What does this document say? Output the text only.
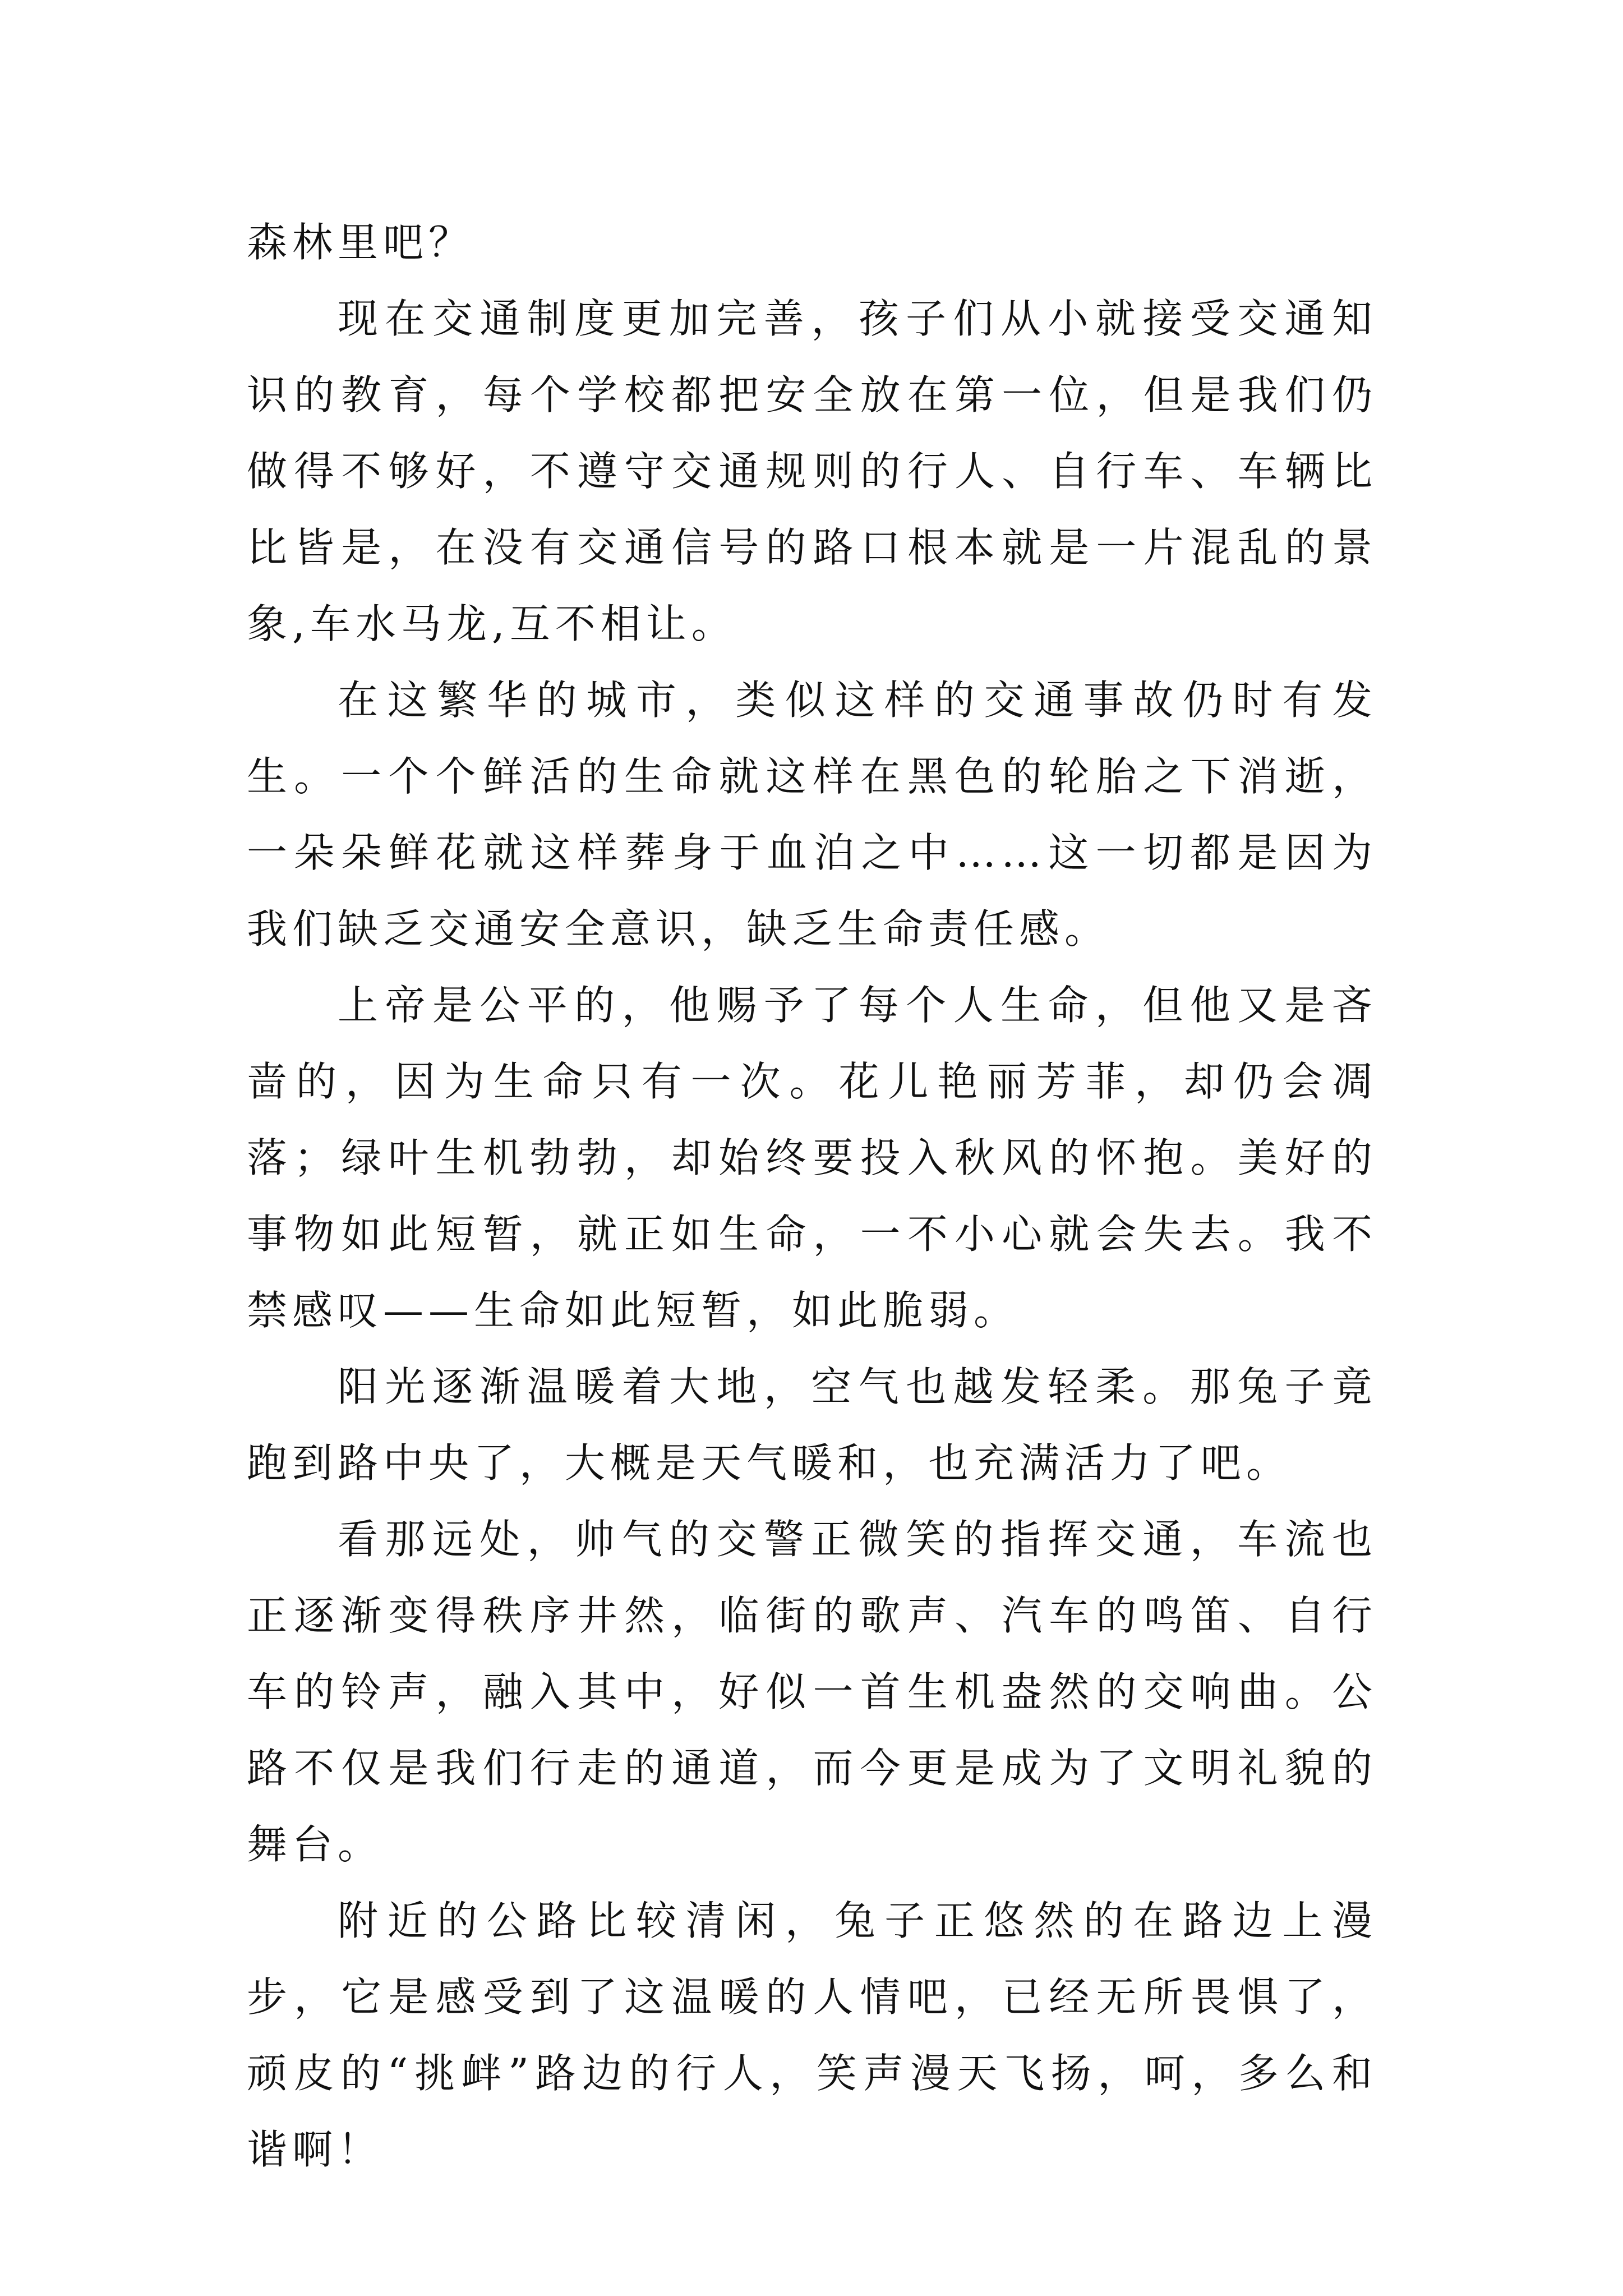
森林里吧？

现在交通制度更加完善，孩子们从小就接受交通知识的教育，每个学校都把安全放在第一位，但是我们仍做得不够好，不遵守交通规则的行人、自行车、车辆比比皆是，在没有交通信号的路口根本就是一片混乱的景象,车水马龙,互不相让。

在这繁华的城市，类似这样的交通事故仍时有发生。一个个鲜活的生命就这样在黑色的轮胎之下消逝，一朵朵鲜花就这样葬身于血泊之中……这一切都是因为我们缺乏交通安全意识，缺乏生命责任感。

上帝是公平的，他赐予了每个人生命，但他又是吝啬的，因为生命只有一次。花儿艳丽芳菲，却仍会凋落；绿叶生机勃勃，却始终要投入秋风的怀抱。美好的事物如此短暂，就正如生命，一不小心就会失去。我不禁感叹——生命如此短暂，如此脆弱。

阳光逐渐温暖着大地，空气也越发轻柔。那兔子竟跑到路中央了，大概是天气暖和，也充满活力了吧。

看那远处，帅气的交警正微笑的指挥交通，车流也正逐渐变得秩序井然，临街的歌声、汽车的鸣笛、自行车的铃声，融入其中，好似一首生机盎然的交响曲。公路不仅是我们行走的通道，而今更是成为了文明礼貌的舞台。

附近的公路比较清闲，兔子正悠然的在路边上漫步，它是感受到了这温暖的人情吧，已经无所畏惧了，顽皮的“挑衅”路边的行人，笑声漫天飞扬，呵，多么和谐啊！
